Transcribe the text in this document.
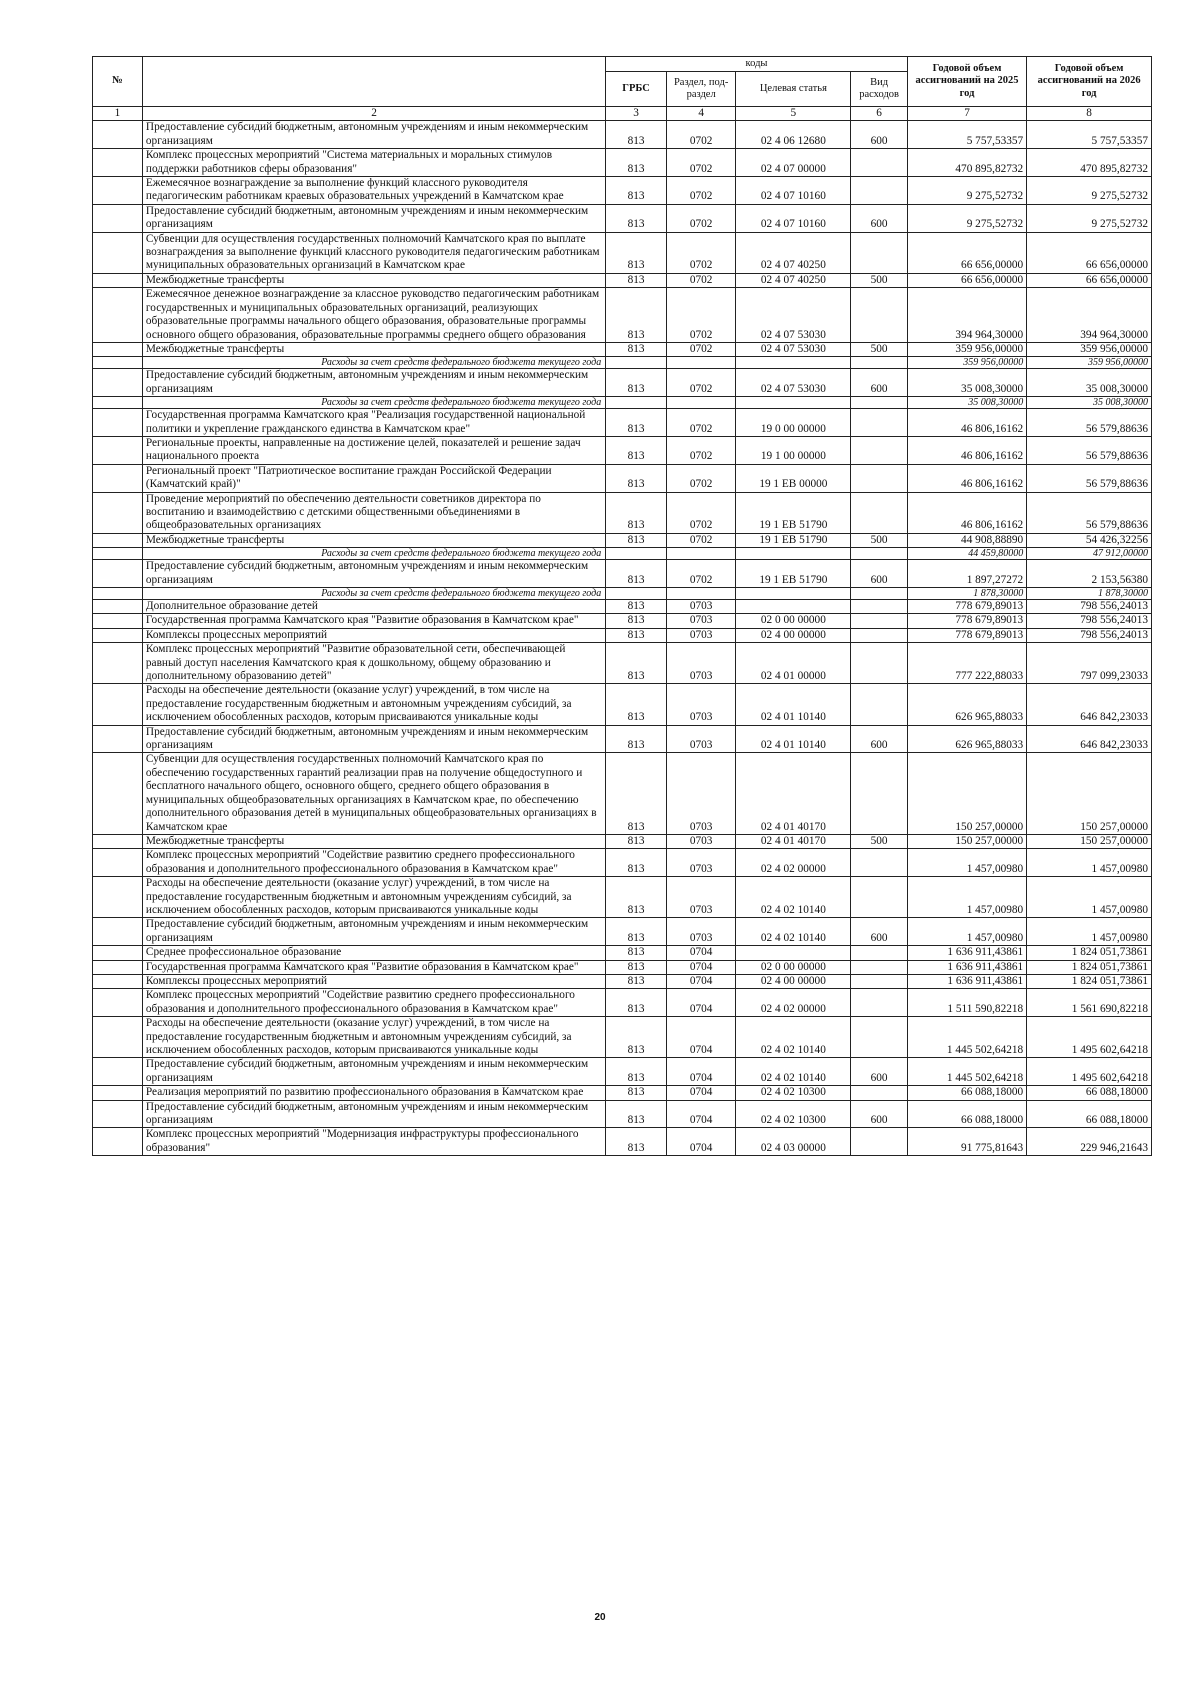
№		коды				Годовой объем ассигнований на 2025 год	Годовой объем ассигнований на 2026 год
		ГРБС	Раздел, под-раздел	Целевая статья	Вид расходов		
1	2	3	4	5	6	7	8
	Предоставление субсидий бюджетным, автономным учреждениям и иным некоммерческим организациям	813	0702	02 4 06 12680	600	5 757,53357	5 757,53357
	Комплекс процессных мероприятий "Система материальных и моральных стимулов поддержки работников сферы образования"	813	0702	02 4 07 00000		470 895,82732	470 895,82732
	Ежемесячное вознаграждение за выполнение функций классного руководителя педагогическим работникам краевых образовательных учреждений в Камчатском крае	813	0702	02 4 07 10160		9 275,52732	9 275,52732
	Предоставление субсидий бюджетным, автономным учреждениям и иным некоммерческим организациям	813	0702	02 4 07 10160	600	9 275,52732	9 275,52732
	Субвенции для осуществления государственных полномочий Камчатского края по выплате вознаграждения за выполнение функций классного руководителя педагогическим работникам муниципальных образовательных организаций в Камчатском крае	813	0702	02 4 07 40250		66 656,00000	66 656,00000
	Межбюджетные трансферты	813	0702	02 4 07 40250	500	66 656,00000	66 656,00000
	Ежемесячное денежное вознаграждение за классное руководство педагогическим работникам государственных и муниципальных образовательных организаций, реализующих образовательные программы начального общего образования, образовательные программы основного общего образования, образовательные программы среднего общего образования	813	0702	02 4 07 53030		394 964,30000	394 964,30000
	Межбюджетные трансферты	813	0702	02 4 07 53030	500	359 956,00000	359 956,00000
	Расходы за счет средств федерального бюджета текущего года					359 956,00000	359 956,00000
	Предоставление субсидий бюджетным, автономным учреждениям и иным некоммерческим организациям	813	0702	02 4 07 53030	600	35 008,30000	35 008,30000
	Расходы за счет средств федерального бюджета текущего года					35 008,30000	35 008,30000
	Государственная программа Камчатского края "Реализация государственной национальной политики и укрепление гражданского единства в Камчатском крае"	813	0702	19 0 00 00000		46 806,16162	56 579,88636
	Региональные проекты, направленные на достижение целей, показателей и решение задач национального проекта	813	0702	19 1 00 00000		46 806,16162	56 579,88636
	Региональный проект "Патриотическое воспитание граждан Российской Федерации (Камчатский край)"	813	0702	19 1 ЕВ 00000		46 806,16162	56 579,88636
	Проведение мероприятий по обеспечению деятельности советников директора по воспитанию и взаимодействию с детскими общественными объединениями в общеобразовательных организациях	813	0702	19 1 ЕВ 51790		46 806,16162	56 579,88636
	Межбюджетные трансферты	813	0702	19 1 ЕВ 51790	500	44 908,88890	54 426,32256
	Расходы за счет средств федерального бюджета текущего года					44 459,80000	47 912,00000
	Предоставление субсидий бюджетным, автономным учреждениям и иным некоммерческим организациям	813	0702	19 1 ЕВ 51790	600	1 897,27272	2 153,56380
	Расходы за счет средств федерального бюджета текущего года					1 878,30000	1 878,30000
	Дополнительное образование детей	813	0703			778 679,89013	798 556,24013
	Государственная программа Камчатского края "Развитие образования в Камчатском крае"	813	0703	02 0 00 00000		778 679,89013	798 556,24013
	Комплексы процессных мероприятий	813	0703	02 4 00 00000		778 679,89013	798 556,24013
	Комплекс процессных мероприятий "Развитие образовательной сети, обеспечивающей равный доступ населения Камчатского края к дошкольному, общему образованию и дополнительному образованию детей"	813	0703	02 4 01 00000		777 222,88033	797 099,23033
	Расходы на обеспечение деятельности (оказание услуг) учреждений, в том числе на предоставление государственным бюджетным и автономным учреждениям субсидий, за исключением обособленных расходов, которым присваиваются уникальные коды	813	0703	02 4 01 10140		626 965,88033	646 842,23033
	Предоставление субсидий бюджетным, автономным учреждениям и иным некоммерческим организациям	813	0703	02 4 01 10140	600	626 965,88033	646 842,23033
	Субвенции для осуществления государственных полномочий Камчатского края по обеспечению государственных гарантий реализации прав на получение общедоступного и бесплатного начального общего, основного общего, среднего общего образования в муниципальных общеобразовательных организациях в Камчатском крае, по обеспечению дополнительного образования детей в муниципальных общеобразовательных организациях в Камчатском крае	813	0703	02 4 01 40170		150 257,00000	150 257,00000
	Межбюджетные трансферты	813	0703	02 4 01 40170	500	150 257,00000	150 257,00000
	Комплекс процессных мероприятий "Содействие развитию среднего профессионального образования и дополнительного профессионального образования в Камчатском крае"	813	0703	02 4 02 00000		1 457,00980	1 457,00980
	Расходы на обеспечение деятельности (оказание услуг) учреждений, в том числе на предоставление государственным бюджетным и автономным учреждениям субсидий, за исключением обособленных расходов, которым присваиваются уникальные коды	813	0703	02 4 02 10140		1 457,00980	1 457,00980
	Предоставление субсидий бюджетным, автономным учреждениям и иным некоммерческим организациям	813	0703	02 4 02 10140	600	1 457,00980	1 457,00980
	Среднее профессиональное образование	813	0704			1 636 911,43861	1 824 051,73861
	Государственная программа Камчатского края "Развитие образования в Камчатском крае"	813	0704	02 0 00 00000		1 636 911,43861	1 824 051,73861
	Комплексы процессных мероприятий	813	0704	02 4 00 00000		1 636 911,43861	1 824 051,73861
	Комплекс процессных мероприятий "Содействие развитию среднего профессионального образования и дополнительного профессионального образования в Камчатском крае"	813	0704	02 4 02 00000		1 511 590,82218	1 561 690,82218
	Расходы на обеспечение деятельности (оказание услуг) учреждений, в том числе на предоставление государственным бюджетным и автономным учреждениям субсидий, за исключением обособленных расходов, которым присваиваются уникальные коды	813	0704	02 4 02 10140		1 445 502,64218	1 495 602,64218
	Предоставление субсидий бюджетным, автономным учреждениям и иным некоммерческим организациям	813	0704	02 4 02 10140	600	1 445 502,64218	1 495 602,64218
	Реализация мероприятий по развитию профессионального образования в Камчатском крае	813	0704	02 4 02 10300		66 088,18000	66 088,18000
	Предоставление субсидий бюджетным, автономным учреждениям и иным некоммерческим организациям	813	0704	02 4 02 10300	600	66 088,18000	66 088,18000
	Комплекс процессных мероприятий "Модернизация инфраструктуры профессионального образования"	813	0704	02 4 03 00000		91 775,81643	229 946,21643
20
